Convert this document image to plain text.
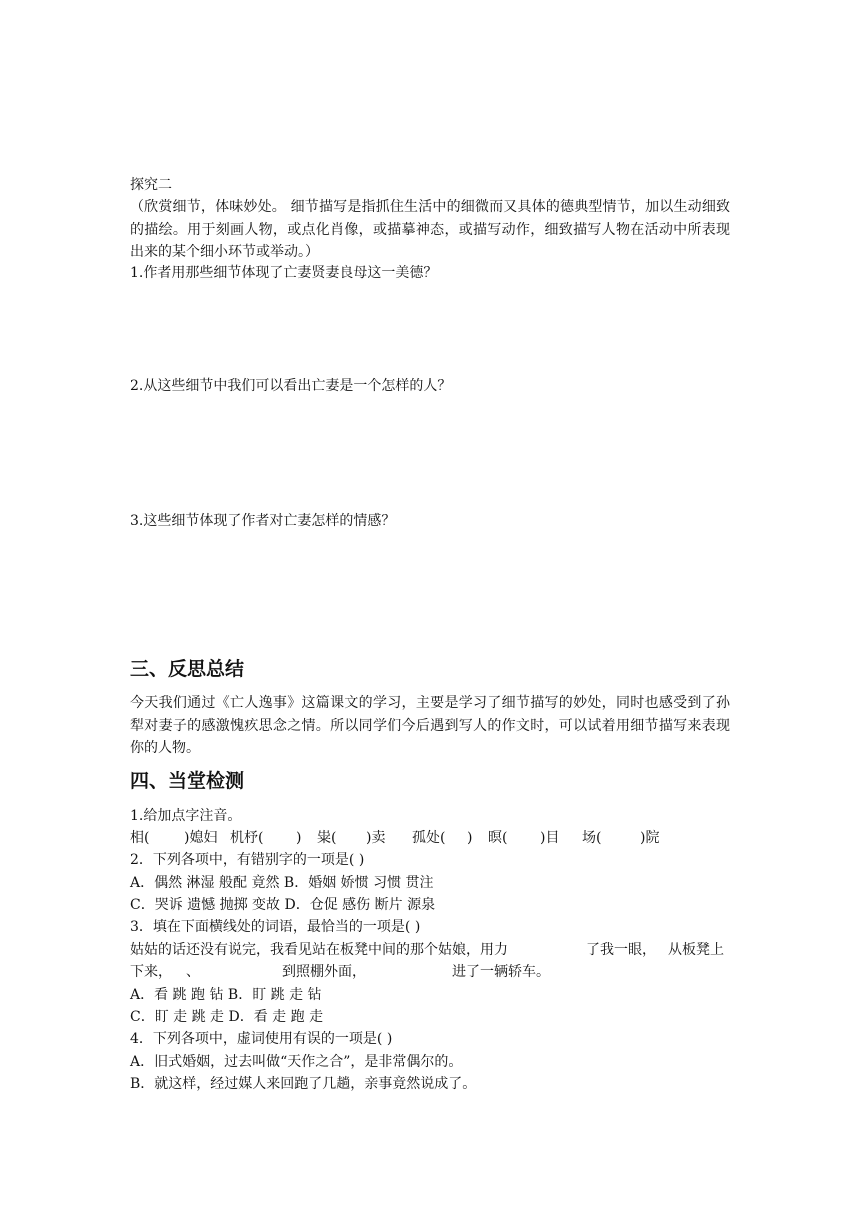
探究二
（欣赏细节，体味妙处。 细节描写是指抓住生活中的细微而又具体的德典型情节，加以生动细致的描绘。用于刻画人物，或点化肖像，或描摹神态，或描写动作，细致描写人物在活动中所表现出来的某个细小环节或举动。）
1.作者用那些细节体现了亡妻贤妻良母这一美德？
2.从这些细节中我们可以看出亡妻是一个怎样的人？
3.这些细节体现了作者对亡妻怎样的情感？
三、反思总结
今天我们通过《亡人逸事》这篇课文的学习，主要是学习了细节描写的妙处，同时也感受到了孙犁对妻子的感激愧疚思念之情。所以同学们今后遇到写人的作文时，可以试着用细节描写来表现你的人物。
四、当堂检测
1.给加点字注音。
相( )媳妇 机杼( ) 粜( )卖 孤处( ) 暝( )目 场(	)院
2．下列各项中，有错别字的一项是( )
A．偶然 淋湿 般配 竟然 B．婚姻 娇惯 习惯 贯注
C．哭诉 遗憾 抛掷 变故 D．仓促 感伤 断片 源泉
3．填在下面横线处的词语，最恰当的一项是( )
姑姑的话还没有说完，我看见站在板凳中间的那个姑娘，用力	了我一眼， 从板凳上
下来， 、	到照棚外面，	进了一辆轿车。
A．看 跳 跑 钻 B．盯 跳 走 钻
C．盯 走 跳 走 D．看 走 跑 走
4．下列各项中，虚词使用有误的一项是( )
A．旧式婚姻，过去叫做“天作之合”，是非常偶尔的。
B．就这样，经过媒人来回跑了几趟，亲事竟然说成了。
